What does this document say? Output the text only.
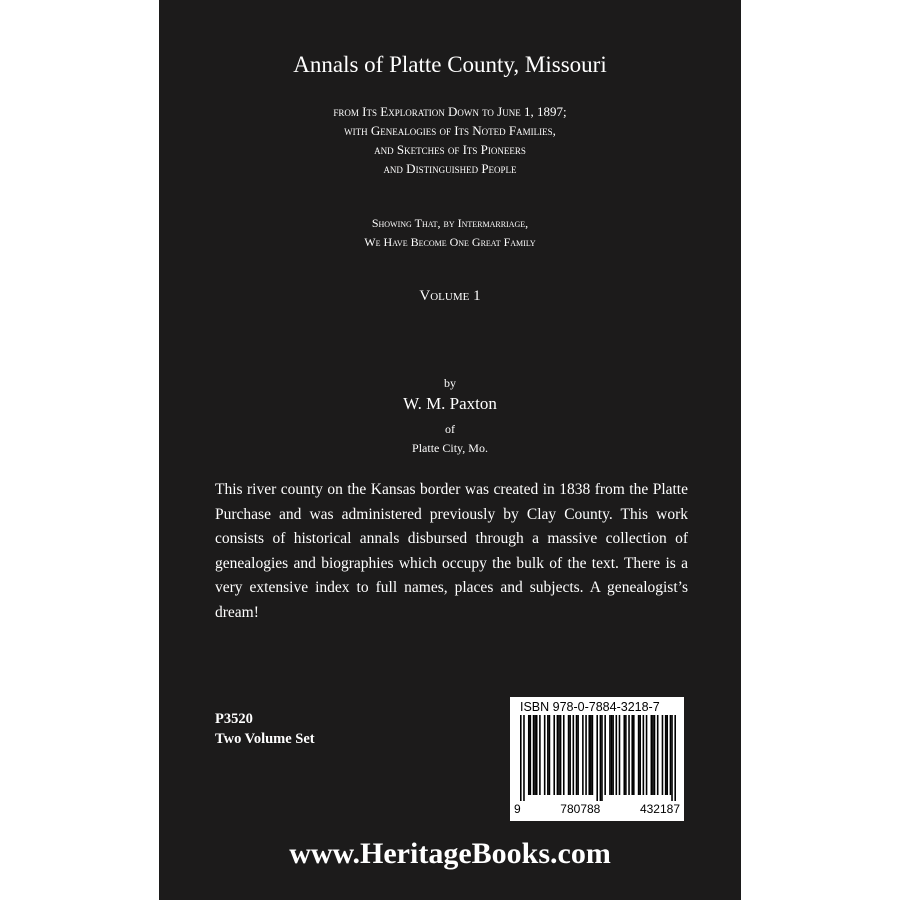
Annals of Platte County, Missouri
from Its Exploration Down to June 1, 1897;
with Genealogies of Its Noted Families,
and Sketches of Its Pioneers
and Distinguished People
Showing That, by Intermarriage,
We Have Become One Great Family
Volume 1
by
W. M. Paxton
of
Platte City, Mo.
This river county on the Kansas border was created in 1838 from the Platte Purchase and was administered previously by Clay County. This work consists of historical annals disbursed through a massive collection of genealogies and biographies which occupy the bulk of the text. There is a very extensive index to full names, places and subjects. A genealogist’s dream!
P3520
Two Volume Set
ISBN 978-0-7884-3218-7
9	780788	432187
www.HeritageBooks.com
